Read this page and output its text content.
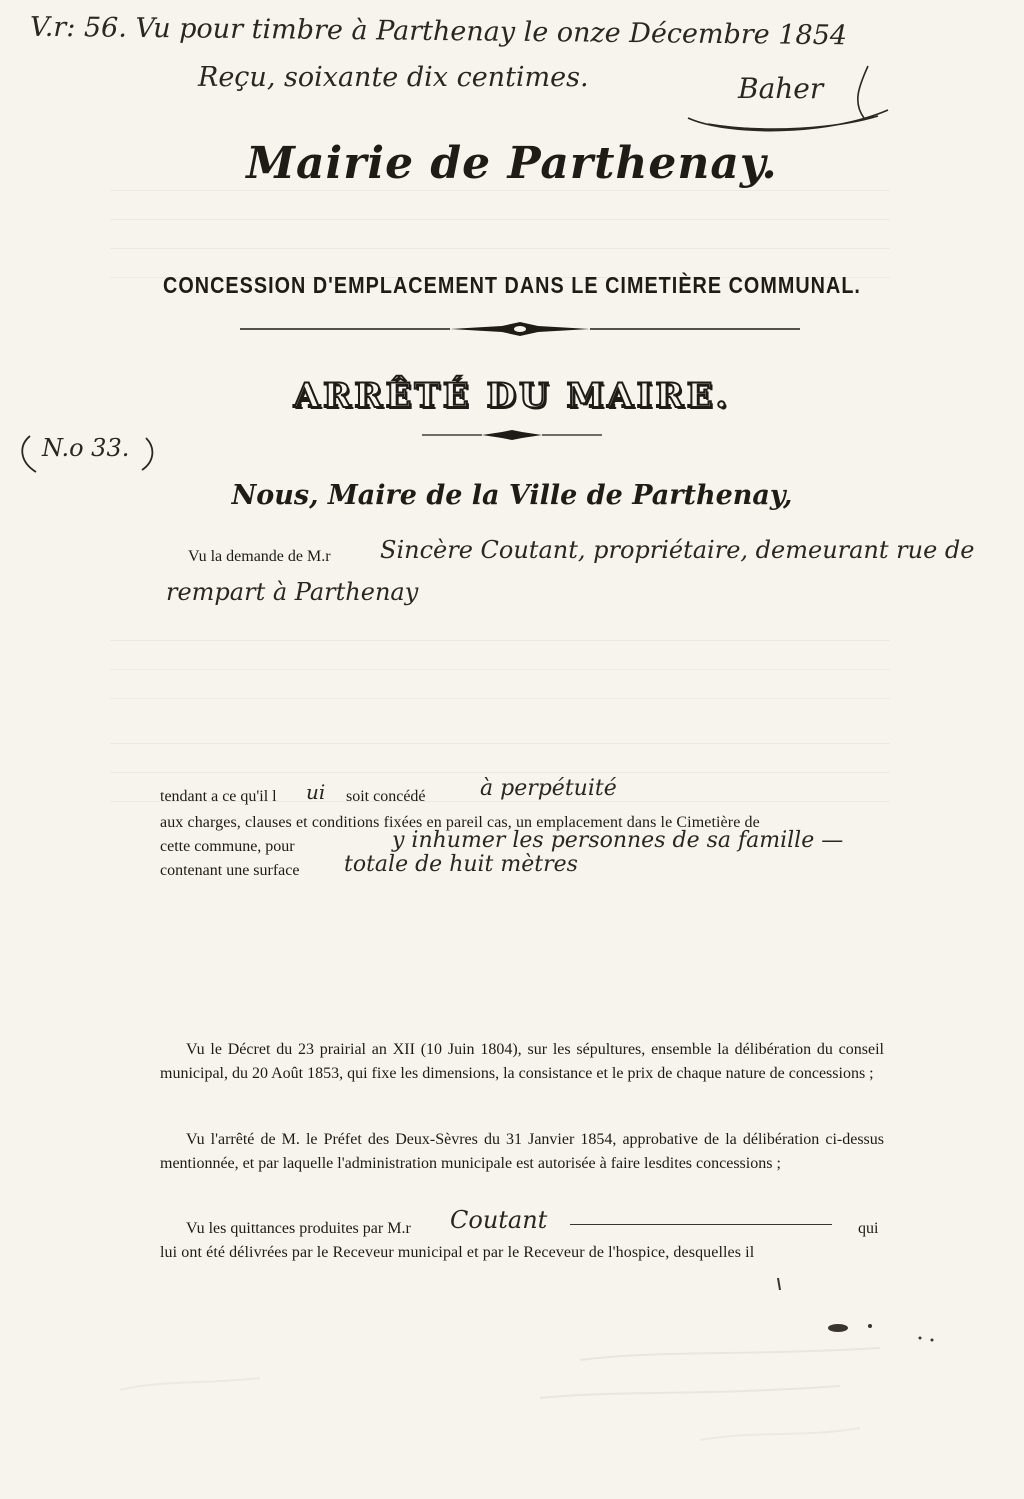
V.r: 56. Vu pour timbre à Parthenay le onze Décembre 1854
Reçu, soixante dix centimes.	Baher
Mairie de Parthenay.
CONCESSION D'EMPLACEMENT DANS LE CIMETIÈRE COMMUNAL.
ARRÊTÉ DU MAIRE.
N.o 33.
Nous, Maire de la Ville de Parthenay,
Vu la demande de M.r Sincère Coutant, propriétaire, demeurant rue de
rempart à Parthenay
tendant a ce qu'il l ui soit concédé à perpétuité
aux charges, clauses et conditions fixées en pareil cas, un emplacement dans le Cimetière de
cette commune, pour	y inhumer les personnes de sa famille —
contenant une surface totale de huit mètres
Vu le Décret du 23 prairial an XII (10 Juin 1804), sur les sépultures, ensemble la délibération du conseil municipal, du 20 Août 1853, qui fixe les dimensions, la consistance et le prix de chaque nature de concessions ;
Vu l'arrêté de M. le Préfet des Deux-Sèvres du 31 Janvier 1854, approbative de la délibération ci-dessus mentionnée, et par laquelle l'administration municipale est autorisée à faire lesdites concessions ;
Vu les quittances produites par M.r Coutant	qui
lui ont été délivrées par le Receveur municipal et par le Receveur de l'hospice, desquelles il
